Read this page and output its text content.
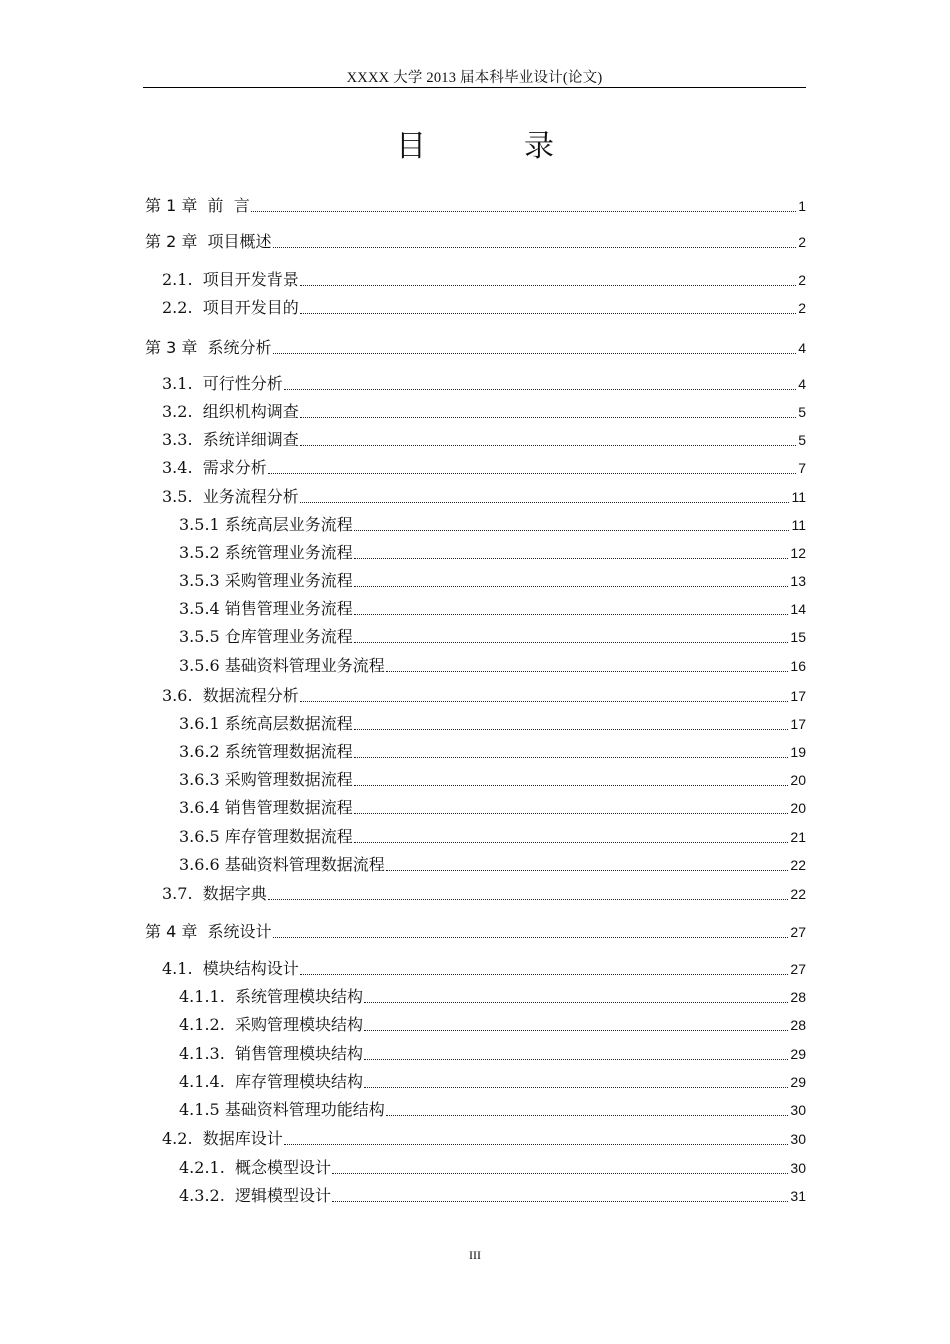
XXXX 大学 2013 届本科毕业设计(论文)
目　录
第 1 章 前  言	1
第 2 章 项目概述	2
2.1. 项目开发背景	2
2.2. 项目开发目的	2
第 3 章 系统分析	4
3.1. 可行性分析	4
3.2. 组织机构调查	5
3.3. 系统详细调查	5
3.4. 需求分析	7
3.5. 业务流程分析	11
3.5.1 系统高层业务流程	11
3.5.2 系统管理业务流程	12
3.5.3 采购管理业务流程	13
3.5.4 销售管理业务流程	14
3.5.5 仓库管理业务流程	15
3.5.6 基础资料管理业务流程	16
3.6. 数据流程分析	17
3.6.1 系统高层数据流程	17
3.6.2 系统管理数据流程	19
3.6.3 采购管理数据流程	20
3.6.4 销售管理数据流程	20
3.6.5 库存管理数据流程	21
3.6.6 基础资料管理数据流程	22
3.7. 数据字典	22
第 4 章 系统设计	27
4.1. 模块结构设计	27
4.1.1. 系统管理模块结构	28
4.1.2. 采购管理模块结构	28
4.1.3. 销售管理模块结构	29
4.1.4. 库存管理模块结构	29
4.1.5 基础资料管理功能结构	30
4.2. 数据库设计	30
4.2.1. 概念模型设计	30
4.3.2. 逻辑模型设计	31
III
